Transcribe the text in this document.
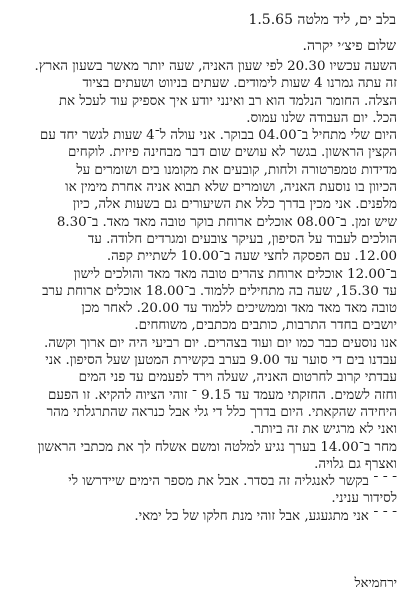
בלב ים, ליד מלטה 1.5.65
שלום פיצ׳י יקרה.
השעה עכשיו 20.30 לפי שעון האניה, שעה יותר מאשר בשעון הארץ.
זה עתה גמרנו 4 שעות לימודים. שעתים בניווט ושעתים בציוד
הצלה. החומר הנלמד הוא רב ואינני יודע איך אספיק עוד לעכל את
הכל. יום העבודה שלנו עמוס.
היום שלי מתחיל ב־04.00 בבוקר. אני עולה ל־4 שעות לגשר יחד עם
הקצין הראשון. בגשר לא עושים שום דבר מבחינה פיזית. לוקחים
מדידות טמפרטורה ולחות, קובעים את מקומנו בים ושומרים על
הכיוון בו נוסעת האניה, ושומרים שלא תבוא אניה אחרת מימין או
מלפנים. אני מכין בדרך כלל את השיעורים גם בשעות אלה, כיון
שיש זמן. ב־08.00 אוכלים ארוחת בוקר טובה מאד מאד. ב־8.30
הולכים לעבוד על הסיפון, בעיקר צובעים ומגרדים חלודה. עד
12.00. עם הפסקה לחצי שעה ב־10.00 לשתיית קפה.
ב־12.00 אוכלים ארוחת צהרים טובה מאד מאד והולכים לישון
עד 15.30, שעה בה מתחילים ללמוד. ב־18.00 אוכלים ארוחת ערב
טובה מאד מאד מאד וממשיכים ללמוד עד 20.00. לאחר מכן
יושבים בחדר התרבות, כותבים מכתבים, משוחחים.
אנו נוסעים כבר כמו יום ועוד בצהרים. יום רביעי היה יום ארוך וקשה.
עבדנו בים די סוער עד 9.00 בערב בקשירת המטען שעל הסיפון. אני
עבדתי קרוב לחרטום האניה, שעלה וירד לפעמים עד פני המים
וחזה לשמים. החזקתי מעמד עד 9.15 ־ זוהי הציוה להקיא. זו הפעם
היחידה שהקאתי. היום בדרך כלל די גלי אבל כנראה שהתרגלתי מהר
ואני לא מרגיש את זה ביותר.
מחר ב־14.00 בערך נגיע למלטה ומשם אשלח לך את מכתבי הראשון
ואצרף גם גלויה.
־ ־ ־ בקשר לאנגליה זה בסדר. אבל את מספר הימים שיידרשו לי
לסידור עניני.
־ ־ ־ אני מתגעגע, אבל זוהי מנת חלקו של כל ימאי.
ירחמיאל
